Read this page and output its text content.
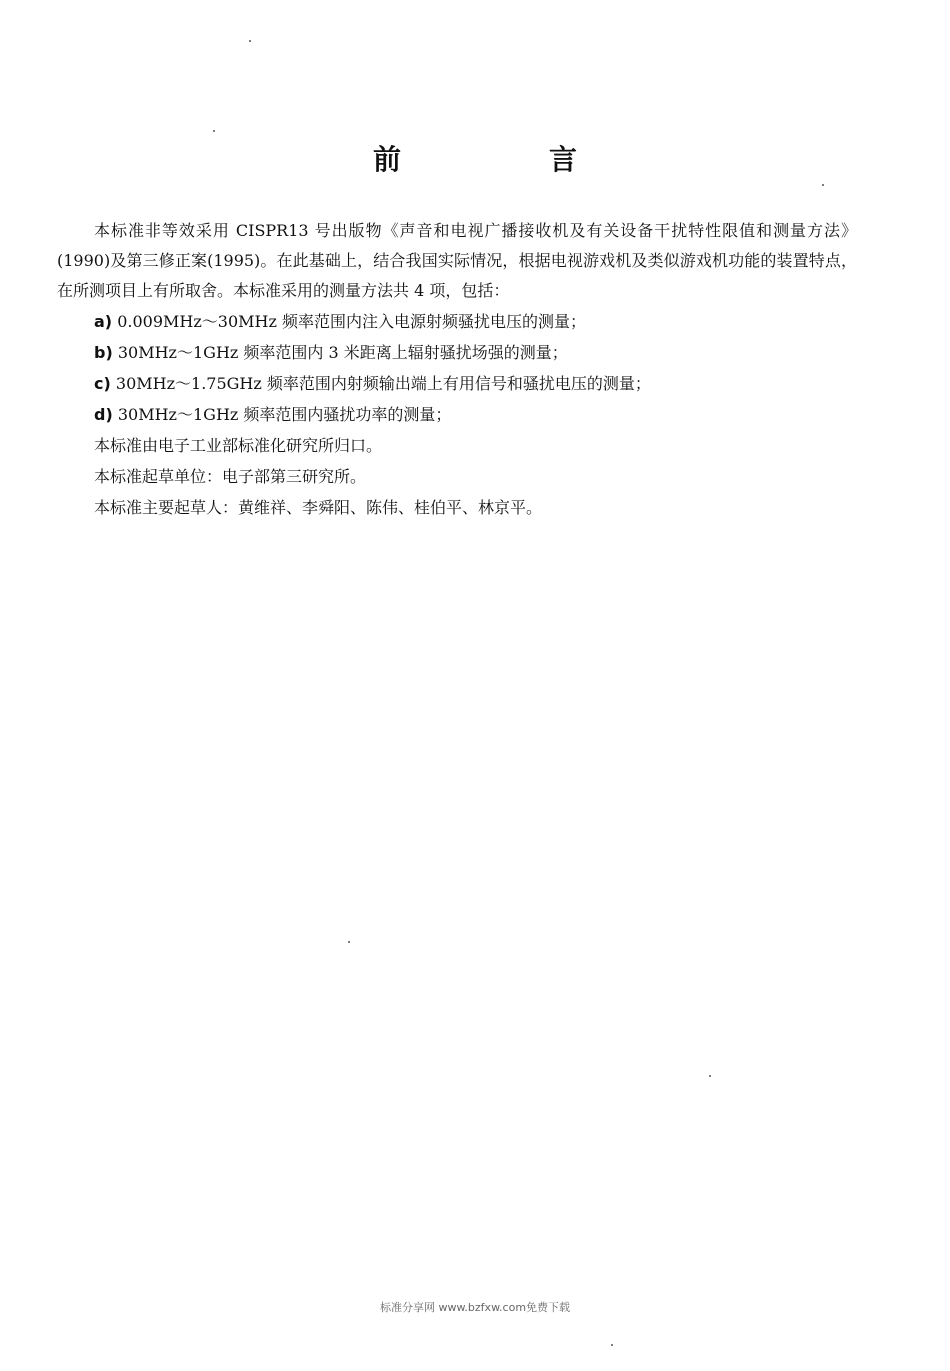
前　言

本标准非等效采用 CISPR13 号出版物《声音和电视广播接收机及有关设备干扰特性限值和测量方法》(1990)及第三修正案(1995)。在此基础上，结合我国实际情况，根据电视游戏机及类似游戏机功能的装置特点，在所测项目上有所取舍。本标准采用的测量方法共 4 项，包括：

a) 0.009MHz～30MHz 频率范围内注入电源射频骚扰电压的测量；

b) 30MHz～1GHz 频率范围内 3 米距离上辐射骚扰场强的测量；

c) 30MHz～1.75GHz 频率范围内射频输出端上有用信号和骚扰电压的测量；

d) 30MHz～1GHz 频率范围内骚扰功率的测量；

本标准由电子工业部标准化研究所归口。

本标准起草单位：电子部第三研究所。

本标准主要起草人：黄维祥、李舜阳、陈伟、桂伯平、林京平。

标准分享网 www.bzfxw.com免费下载
